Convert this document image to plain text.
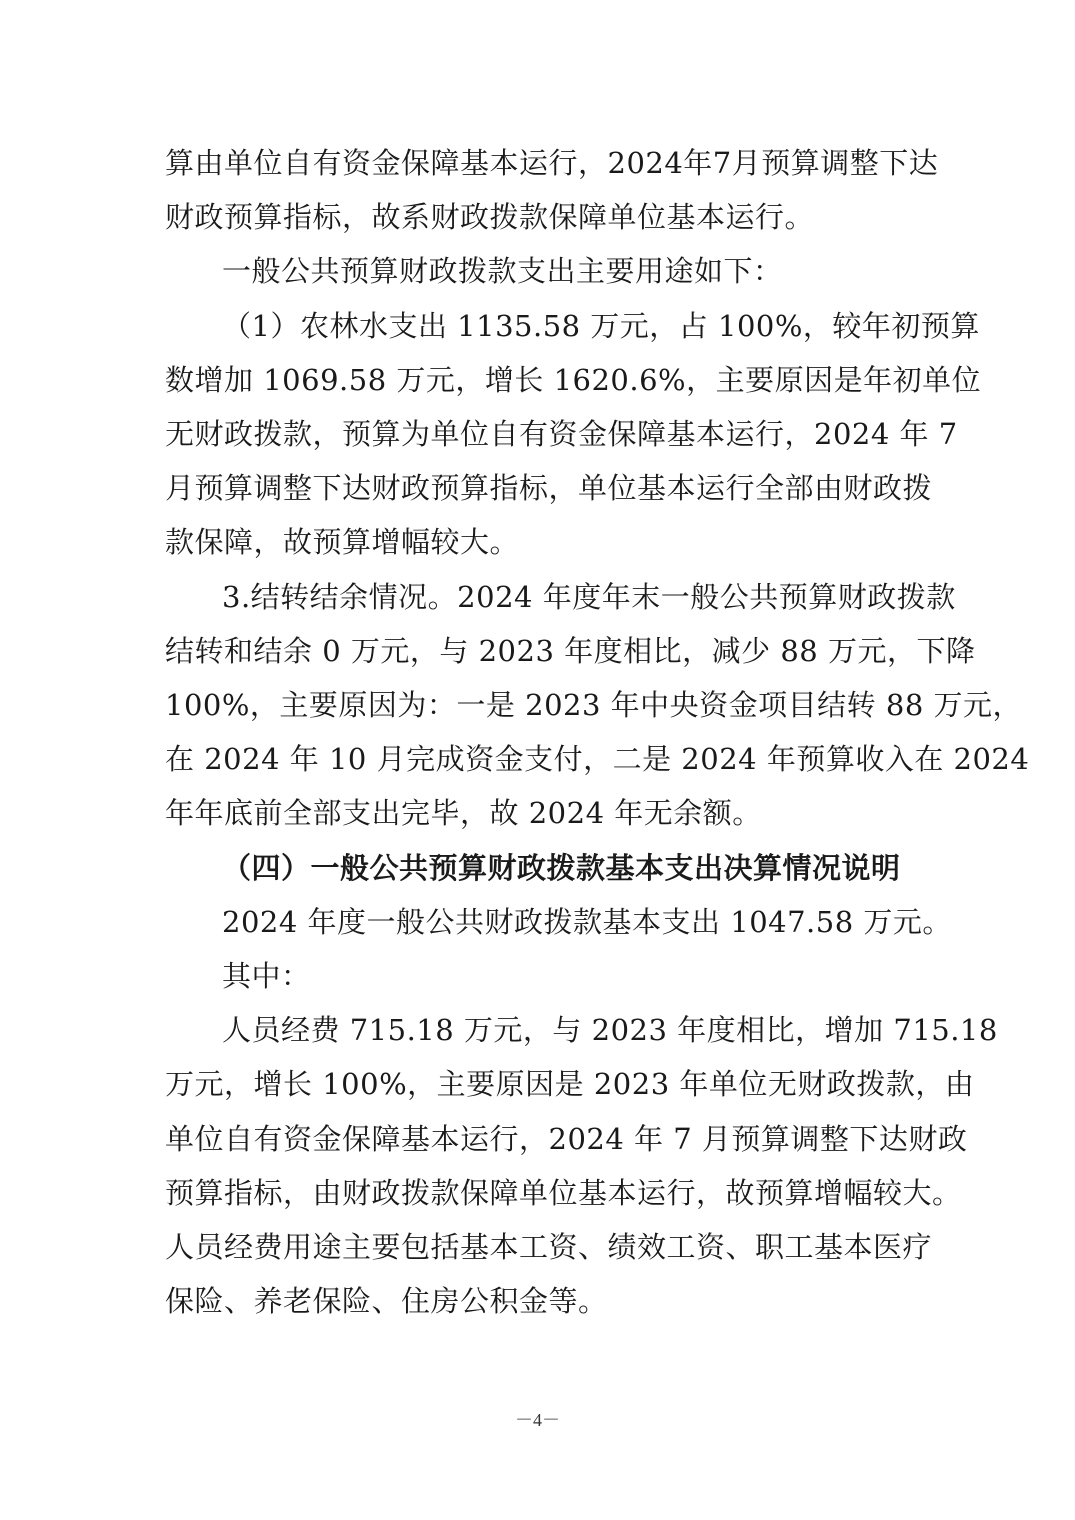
算由单位自有资金保障基本运行，2024年7月预算调整下达
财政预算指标，故系财政拨款保障单位基本运行。
一般公共预算财政拨款支出主要用途如下：
（1）农林水支出 1135.58 万元，占 100%，较年初预算
数增加 1069.58 万元，增长 1620.6%，主要原因是年初单位
无财政拨款，预算为单位自有资金保障基本运行，2024 年 7
月预算调整下达财政预算指标，单位基本运行全部由财政拨
款保障，故预算增幅较大。
3.结转结余情况。2024 年度年末一般公共预算财政拨款
结转和结余 0 万元，与 2023 年度相比，减少 88 万元，下降
100%，主要原因为：一是 2023 年中央资金项目结转 88 万元，
在 2024 年 10 月完成资金支付，二是 2024 年预算收入在 2024
年年底前全部支出完毕，故 2024 年无余额。
（四）一般公共预算财政拨款基本支出决算情况说明
2024 年度一般公共财政拨款基本支出 1047.58 万元。
其中：
人员经费 715.18 万元，与 2023 年度相比，增加 715.18
万元，增长 100%，主要原因是 2023 年单位无财政拨款，由
单位自有资金保障基本运行，2024 年 7 月预算调整下达财政
预算指标，由财政拨款保障单位基本运行，故预算增幅较大。
人员经费用途主要包括基本工资、绩效工资、职工基本医疗
保险、养老保险、住房公积金等。
－4－
